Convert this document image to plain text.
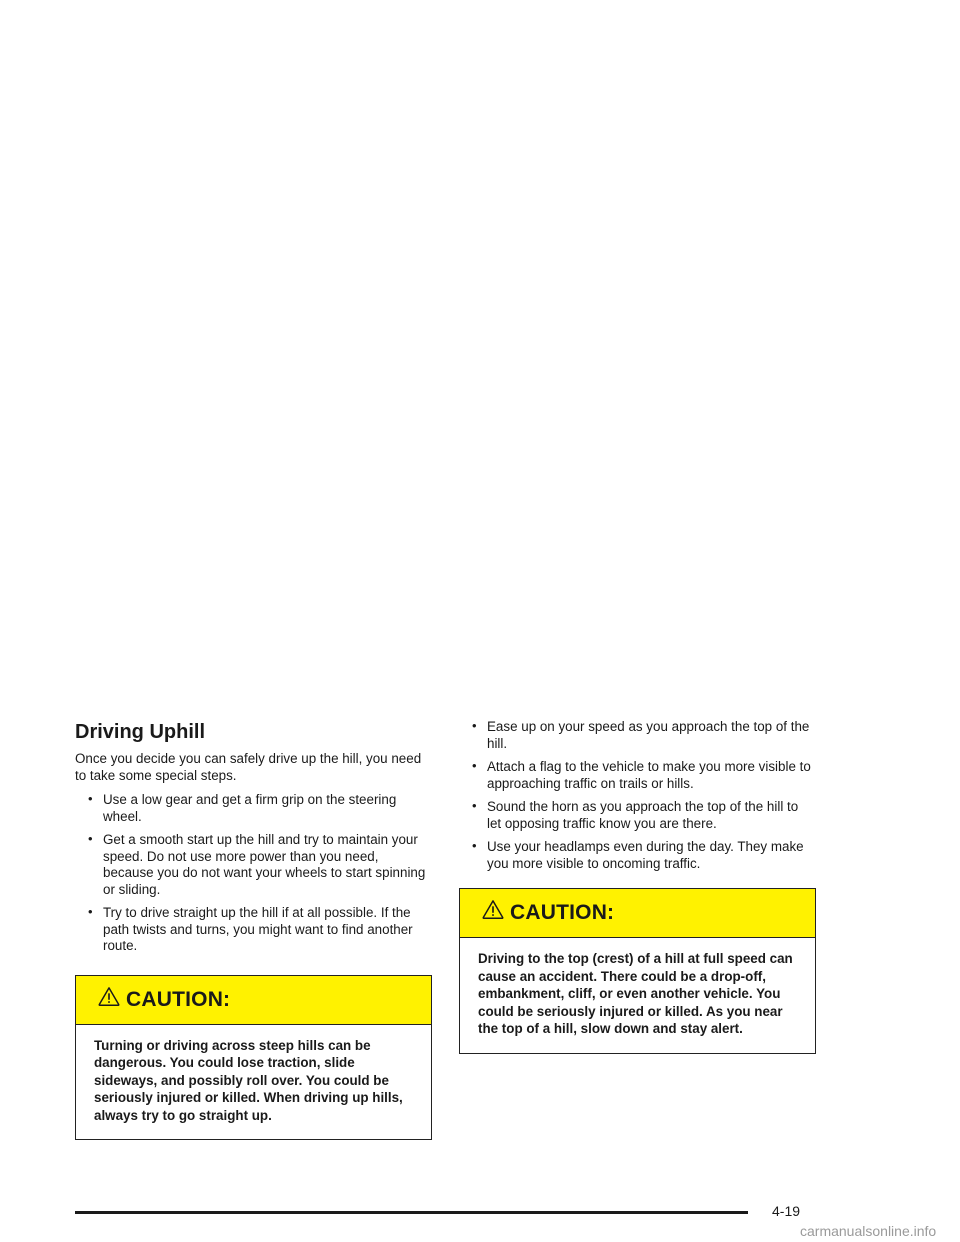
Driving Uphill

Once you decide you can safely drive up the hill, you need to take some special steps.

• Use a low gear and get a firm grip on the steering wheel.
• Get a smooth start up the hill and try to maintain your speed. Do not use more power than you need, because you do not want your wheels to start spinning or sliding.
• Try to drive straight up the hill if at all possible. If the path twists and turns, you might want to find another route.
CAUTION:
Turning or driving across steep hills can be dangerous. You could lose traction, slide sideways, and possibly roll over. You could be seriously injured or killed. When driving up hills, always try to go straight up.
• Ease up on your speed as you approach the top of the hill.
• Attach a flag to the vehicle to make you more visible to approaching traffic on trails or hills.
• Sound the horn as you approach the top of the hill to let opposing traffic know you are there.
• Use your headlamps even during the day. They make you more visible to oncoming traffic.
CAUTION:
Driving to the top (crest) of a hill at full speed can cause an accident. There could be a drop-off, embankment, cliff, or even another vehicle. You could be seriously injured or killed. As you near the top of a hill, slow down and stay alert.
4-19
carmanualsonline.info
